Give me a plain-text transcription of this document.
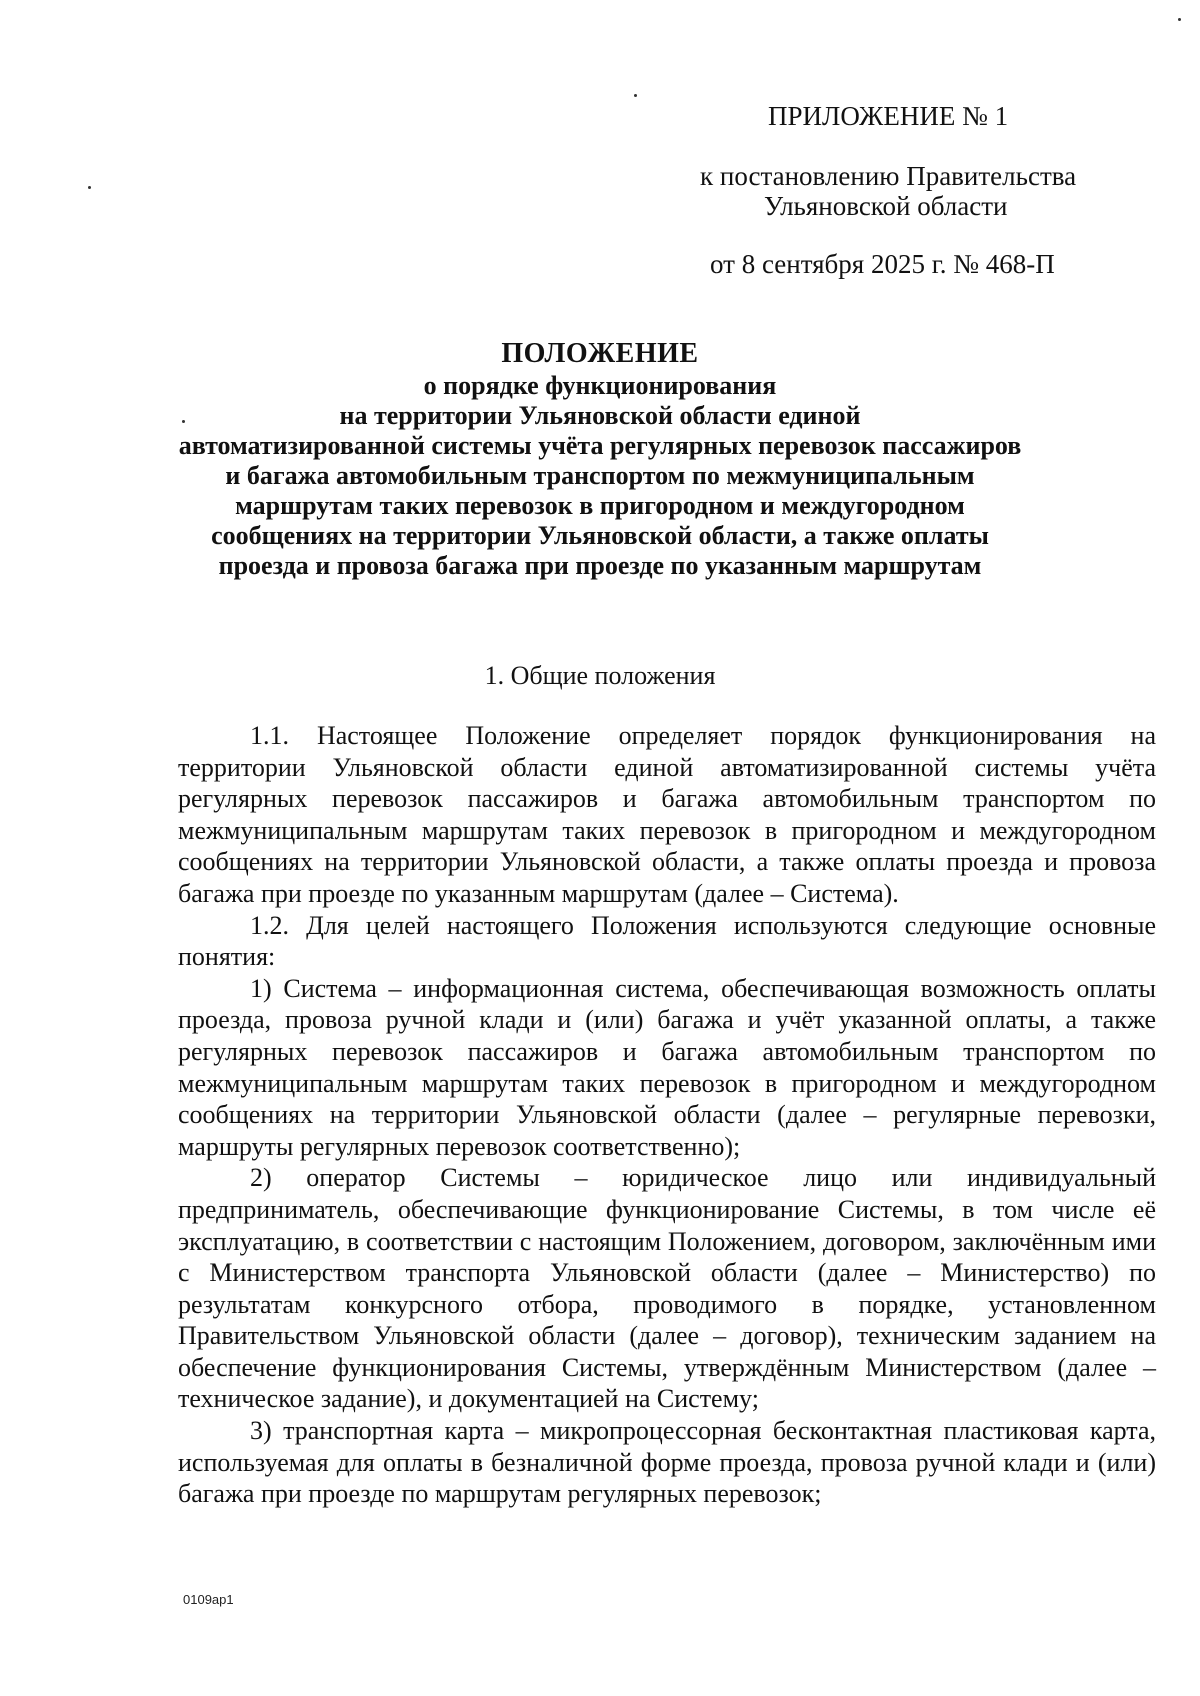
ПРИЛОЖЕНИЕ № 1
к постановлению Правительства
Ульяновской области
от 8 сентября 2025 г. № 468-П
ПОЛОЖЕНИЕ
о порядке функционирования
на территории Ульяновской области единой
автоматизированной системы учёта регулярных перевозок пассажиров
и багажа автомобильным транспортом по межмуниципальным
маршрутам таких перевозок в пригородном и междугородном
сообщениях на территории Ульяновской области, а также оплаты
проезда и провоза багажа при проезде по указанным маршрутам
1. Общие положения

1.1. Настоящее Положение определяет порядок функционирования на территории Ульяновской области единой автоматизированной системы учёта регулярных перевозок пассажиров и багажа автомобильным транспортом по межмуниципальным маршрутам таких перевозок в пригородном и междугородном сообщениях на территории Ульяновской области, а также оплаты проезда и провоза багажа при проезде по указанным маршрутам (далее – Система).

1.2. Для целей настоящего Положения используются следующие основные понятия:

1) Система – информационная система, обеспечивающая возможность оплаты проезда, провоза ручной клади и (или) багажа и учёт указанной оплаты, а также регулярных перевозок пассажиров и багажа автомобильным транспортом по межмуниципальным маршрутам таких перевозок в пригородном и междугородном сообщениях на территории Ульяновской области (далее – регулярные перевозки, маршруты регулярных перевозок соответственно);

2) оператор Системы – юридическое лицо или индивидуальный предприниматель, обеспечивающие функционирование Системы, в том числе её эксплуатацию, в соответствии с настоящим Положением, договором, заключённым ими с Министерством транспорта Ульяновской области (далее – Министерство) по результатам конкурсного отбора, проводимого в порядке, установленном Правительством Ульяновской области (далее – договор), техническим заданием на обеспечение функционирования Системы, утверждённым Министерством (далее – техническое задание), и документацией на Систему;

3) транспортная карта – микропроцессорная бесконтактная пластиковая карта, используемая для оплаты в безналичной форме проезда, провоза ручной клади и (или) багажа при проезде по маршрутам регулярных перевозок;

0109ap1
